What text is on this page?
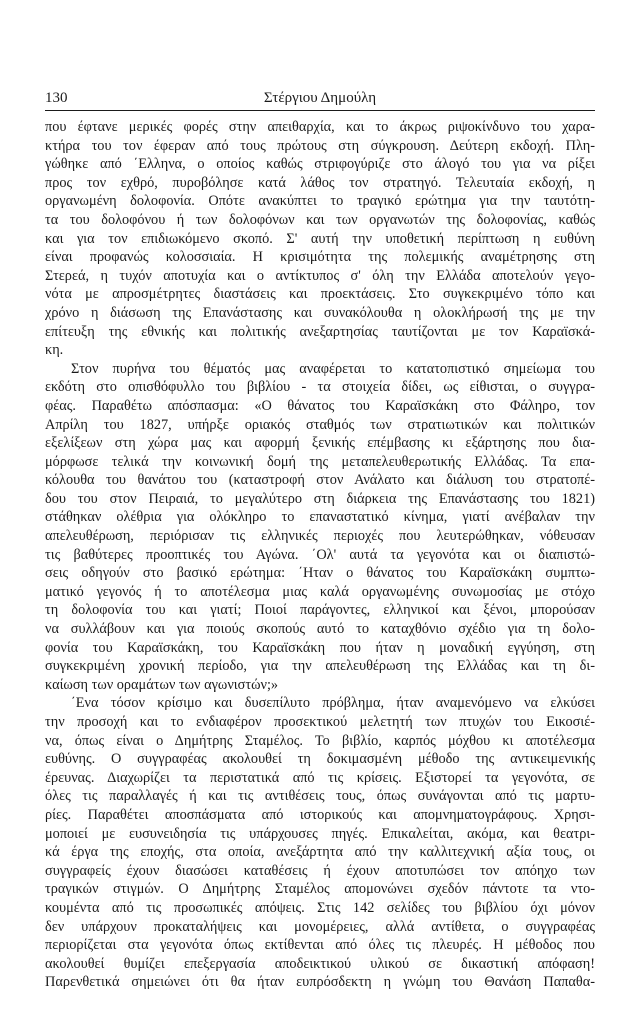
130	Στέργιου Δημούλη

που έφτανε μερικές φορές στην απειθαρχία, και το άκρως ριψοκίνδυνο του χαρα-

κτήρα του τον έφεραν από τους πρώτους στη σύγκρουση. Δεύτερη εκδοχή. Πλη-

γώθηκε από ΄Ελληνα, ο οποίος καθώς στριφογύριζε στο άλογό του για να ρίξει

προς τον εχθρό, πυροβόλησε κατά λάθος τον στρατηγό. Τελευταία εκδοχή, η

οργανωμένη δολοφονία. Οπότε ανακύπτει το τραγικό ερώτημα για την ταυτότη-

τα του δολοφόνου ή των δολοφόνων και των οργανωτών της δολοφονίας, καθώς

και για τον επιδιωκόμενο σκοπό. Σ' αυτή την υποθετική περίπτωση η ευθύνη

είναι προφανώς κολοσσιαία. Η κρισιμότητα της πολεμικής αναμέτρησης στη

Στερεά, η τυχόν αποτυχία και ο αντίκτυπος σ' όλη την Ελλάδα αποτελούν γεγο-

νότα με απροσμέτρητες διαστάσεις και προεκτάσεις. Στο συγκεκριμένο τόπο και

χρόνο η διάσωση της Επανάστασης και συνακόλουθα η ολοκλήρωσή της με την

επίτευξη της εθνικής και πολιτικής ανεξαρτησίας ταυτίζονται με τον Καραϊσκά-

κη.

Στον πυρήνα του θέματός μας αναφέρεται το κατατοπιστικό σημείωμα του

εκδότη στο οπισθόφυλλο του βιβλίου - τα στοιχεία δίδει, ως είθισται, ο συγγρα-

φέας. Παραθέτω απόσπασμα: «Ο θάνατος του Καραϊσκάκη στο Φάληρο, τον

Απρίλη του 1827, υπήρξε οριακός σταθμός των στρατιωτικών και πολιτικών

εξελίξεων στη χώρα μας και αφορμή ξενικής επέμβασης κι εξάρτησης που δια-

μόρφωσε τελικά την κοινωνική δομή της μεταπελευθερωτικής Ελλάδας. Τα επα-

κόλουθα του θανάτου του (καταστροφή στον Ανάλατο και διάλυση του στρατοπέ-

δου του στον Πειραιά, το μεγαλύτερο στη διάρκεια της Επανάστασης του 1821)

στάθηκαν ολέθρια για ολόκληρο το επαναστατικό κίνημα, γιατί ανέβαλαν την

απελευθέρωση, περιόρισαν τις ελληνικές περιοχές που λευτερώθηκαν, νόθευσαν

τις βαθύτερες προοπτικές του Αγώνα. ΄Ολ' αυτά τα γεγονότα και οι διαπιστώ-

σεις οδηγούν στο βασικό ερώτημα: ΄Ηταν ο θάνατος του Καραϊσκάκη συμπτω-

ματικό γεγονός ή το αποτέλεσμα μιας καλά οργανωμένης συνωμοσίας με στόχο

τη δολοφονία του και γιατί; Ποιοί παράγοντες, ελληνικοί και ξένοι, μπορούσαν

να συλλάβουν και για ποιούς σκοπούς αυτό το καταχθόνιο σχέδιο για τη δολο-

φονία του Καραϊσκάκη, του Καραϊσκάκη που ήταν η μοναδική εγγύηση, στη

συγκεκριμένη χρονική περίοδο, για την απελευθέρωση της Ελλάδας και τη δι-

καίωση των οραμάτων των αγωνιστών;»

΄Ενα τόσον κρίσιμο και δυσεπίλυτο πρόβλημα, ήταν αναμενόμενο να ελκύσει

την προσοχή και το ενδιαφέρον προσεκτικού μελετητή των πτυχών του Εικοσιέ-

να, όπως είναι ο Δημήτρης Σταμέλος. Το βιβλίο, καρπός μόχθου κι αποτέλεσμα

ευθύνης. Ο συγγραφέας ακολουθεί τη δοκιμασμένη μέθοδο της αντικειμενικής

έρευνας. Διαχωρίζει τα περιστατικά από τις κρίσεις. Εξιστορεί τα γεγονότα, σε

όλες τις παραλλαγές ή και τις αντιθέσεις τους, όπως συνάγονται από τις μαρτυ-

ρίες. Παραθέτει αποσπάσματα από ιστορικούς και απομνηματογράφους. Χρησι-

μοποιεί με ευσυνειδησία τις υπάρχουσες πηγές. Επικαλείται, ακόμα, και θεατρι-

κά έργα της εποχής, στα οποία, ανεξάρτητα από την καλλιτεχνική αξία τους, οι

συγγραφείς έχουν διασώσει καταθέσεις ή έχουν αποτυπώσει τον απόηχο των

τραγικών στιγμών. Ο Δημήτρης Σταμέλος απομονώνει σχεδόν πάντοτε τα ντο-

κουμέντα από τις προσωπικές απόψεις. Στις 142 σελίδες του βιβλίου όχι μόνον

δεν υπάρχουν προκαταλήψεις και μονομέρειες, αλλά αντίθετα, ο συγγραφέας

περιορίζεται στα γεγονότα όπως εκτίθενται από όλες τις πλευρές. Η μέθοδος που

ακολουθεί θυμίζει επεξεργασία αποδεικτικού υλικού σε δικαστική απόφαση!

Παρενθετικά σημειώνει ότι θα ήταν ευπρόσδεκτη η γνώμη του Θανάση Παπαθα-
